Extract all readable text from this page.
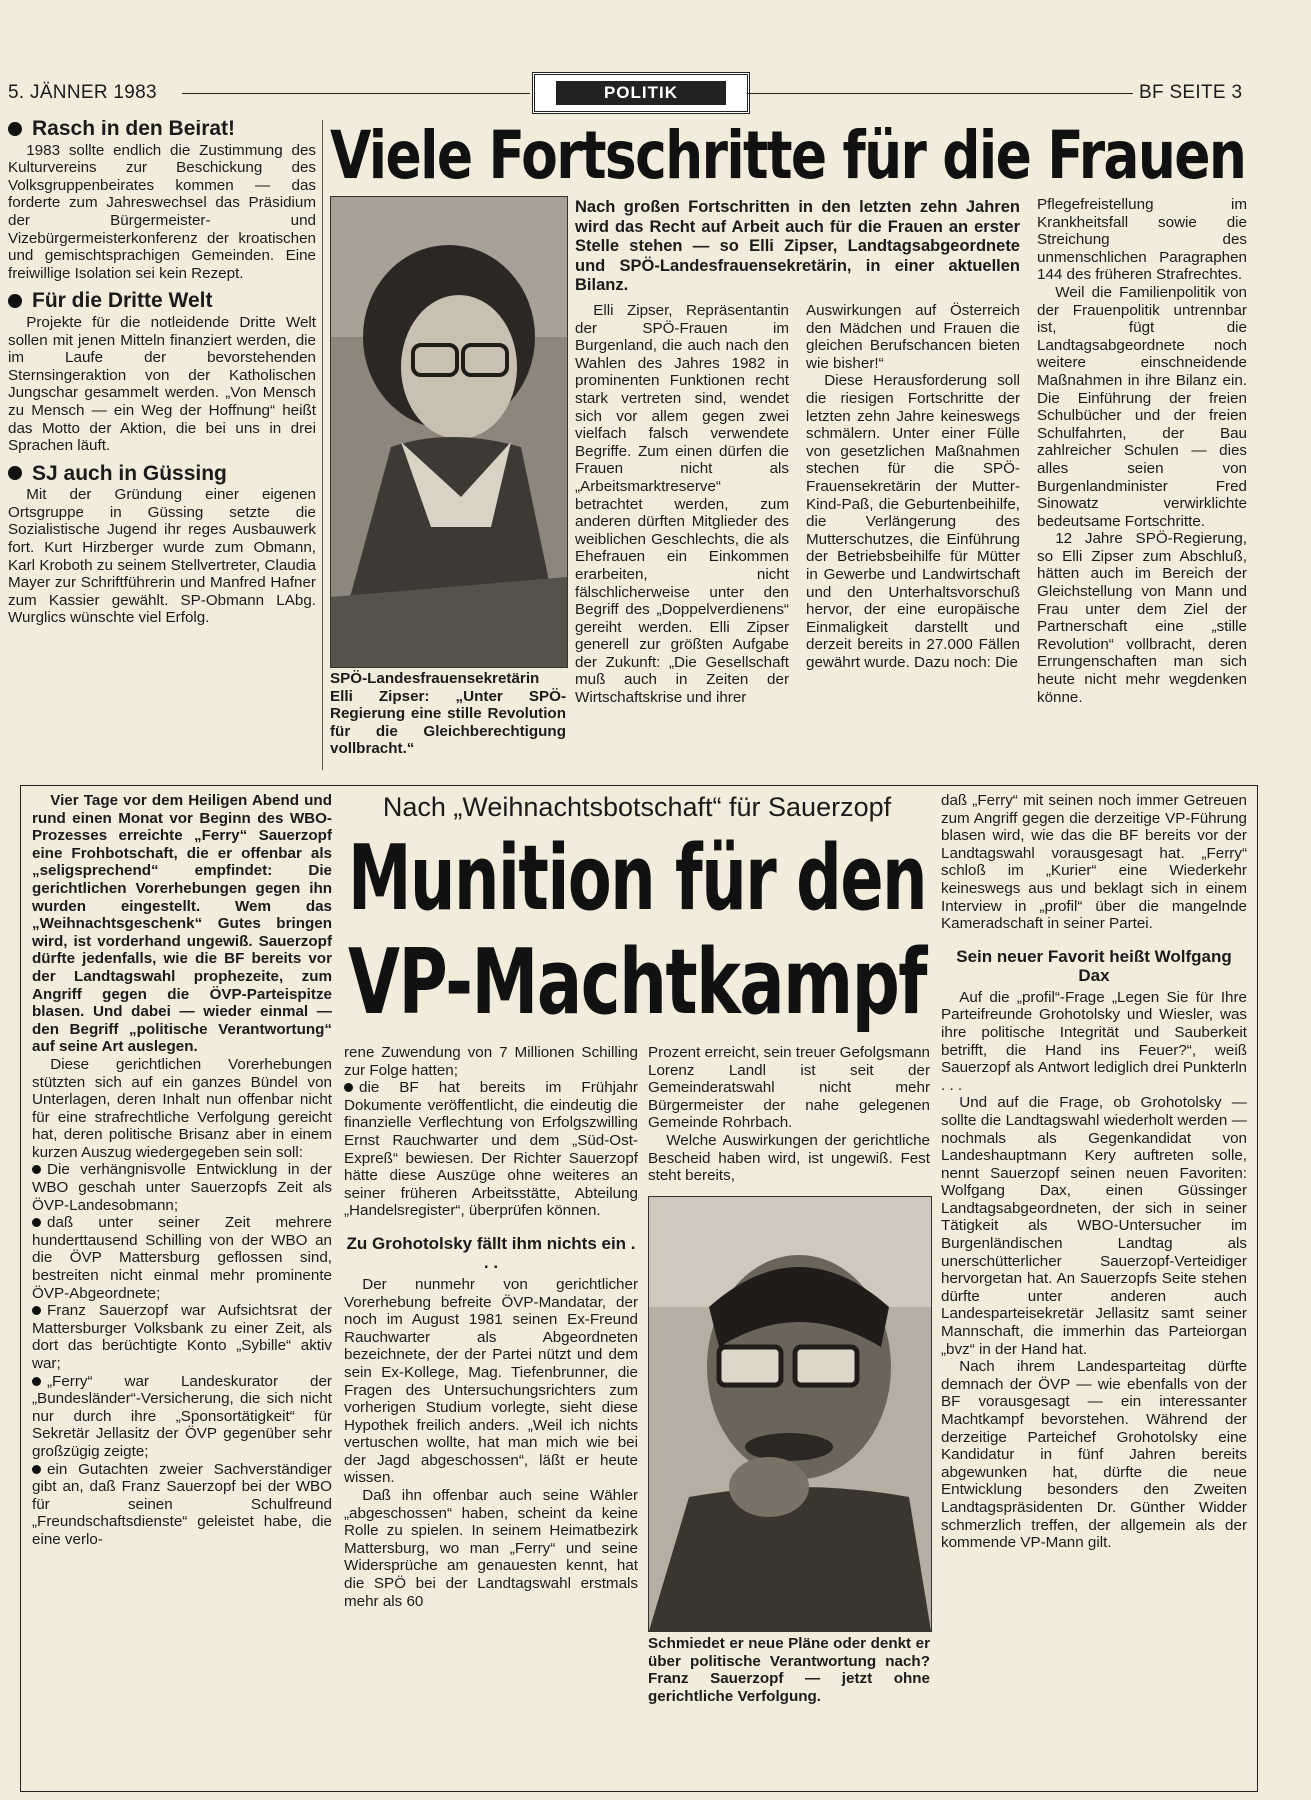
5. JÄNNER 1983	POLITIK	BF SEITE 3
Rasch in den Beirat!

1983 sollte endlich die Zustimmung des Kulturvereins zur Beschickung des Volksgruppenbeirates kommen — das forderte zum Jahreswechsel das Präsidium der Bürgermeister- und Vizebürgermeisterkonferenz der kroatischen und gemischtsprachigen Gemeinden. Eine freiwillige Isolation sei kein Rezept.

Für die Dritte Welt

Projekte für die notleidende Dritte Welt sollen mit jenen Mitteln finanziert werden, die im Laufe der bevorstehenden Sternsingeraktion von der Katholischen Jungschar gesammelt werden. „Von Mensch zu Mensch — ein Weg der Hoffnung“ heißt das Motto der Aktion, die bei uns in drei Sprachen läuft.

SJ auch in Güssing

Mit der Gründung einer eigenen Ortsgruppe in Güssing setzte die Sozialistische Jugend ihr reges Ausbauwerk fort. Kurt Hirzberger wurde zum Obmann, Karl Kroboth zu seinem Stellvertreter, Claudia Mayer zur Schriftführerin und Manfred Hafner zum Kassier gewählt. SP-Obmann LAbg. Wurglics wünschte viel Erfolg.

Viele Fortschritte für die Frauen
SPÖ-Landesfrauensekretärin Elli Zipser: „Unter SPÖ-Regierung eine stille Revolution für die Gleichberechtigung vollbracht.“
Nach großen Fortschritten in den letzten zehn Jahren wird das Recht auf Arbeit auch für die Frauen an erster Stelle stehen — so Elli Zipser, Landtagsabgeordnete und SPÖ-Landesfrauensekretärin, in einer aktuellen Bilanz.

Elli Zipser, Repräsentantin der SPÖ-Frauen im Burgenland, die auch nach den Wahlen des Jahres 1982 in prominenten Funktionen recht stark vertreten sind, wendet sich vor allem gegen zwei vielfach falsch verwendete Begriffe. Zum einen dürfen die Frauen nicht als „Arbeitsmarktreserve“ betrachtet werden, zum anderen dürften Mitglieder des weiblichen Geschlechts, die als Ehefrauen ein Einkommen erarbeiten, nicht fälschlicherweise unter den Begriff des „Doppelverdienens“ gereiht werden. Elli Zipser generell zur größten Aufgabe der Zukunft: „Die Gesellschaft muß auch in Zeiten der Wirtschaftskrise und ihrer

Auswirkungen auf Österreich den Mädchen und Frauen die gleichen Berufschancen bieten wie bisher!“

Diese Herausforderung soll die riesigen Fortschritte der letzten zehn Jahre keineswegs schmälern. Unter einer Fülle von gesetzlichen Maßnahmen stechen für die SPÖ-Frauensekretärin der Mutter-Kind-Paß, die Geburtenbeihilfe, die Verlängerung des Mutterschutzes, die Einführung der Betriebsbeihilfe für Mütter in Gewerbe und Landwirtschaft und den Unterhaltsvorschuß hervor, der eine europäische Einmaligkeit darstellt und derzeit bereits in 27.000 Fällen gewährt wurde. Dazu noch: Die

Pflegefreistellung im Krankheitsfall sowie die Streichung des unmenschlichen Paragraphen 144 des früheren Strafrechtes.

Weil die Familienpolitik von der Frauenpolitik untrennbar ist, fügt die Landtagsabgeordnete noch weitere einschneidende Maßnahmen in ihre Bilanz ein. Die Einführung der freien Schulbücher und der freien Schulfahrten, der Bau zahlreicher Schulen — dies alles seien von Burgenlandminister Fred Sinowatz verwirklichte bedeutsame Fortschritte.

12 Jahre SPÖ-Regierung, so Elli Zipser zum Abschluß, hätten auch im Bereich der Gleichstellung von Mann und Frau unter dem Ziel der Partnerschaft eine „stille Revolution“ vollbracht, deren Errungenschaften man sich heute nicht mehr wegdenken könne.

Nach „Weihnachtsbotschaft“ für Sauerzopf
Munition für den
VP-Machtkampf

Vier Tage vor dem Heiligen Abend und rund einen Monat vor Beginn des WBO-Prozesses erreichte „Ferry“ Sauerzopf eine Frohbotschaft, die er offenbar als „seligsprechend“ empfindet: Die gerichtlichen Vorerhebungen gegen ihn wurden eingestellt. Wem das „Weihnachtsgeschenk“ Gutes bringen wird, ist vorderhand ungewiß. Sauerzopf dürfte jedenfalls, wie die BF bereits vor der Landtagswahl prophezeite, zum Angriff gegen die ÖVP-Parteispitze blasen. Und dabei — wieder einmal — den Begriff „politische Verantwortung“ auf seine Art auslegen.

Diese gerichtlichen Vorerhebungen stützten sich auf ein ganzes Bündel von Unterlagen, deren Inhalt nun offenbar nicht für eine strafrechtliche Verfolgung gereicht hat, deren politische Brisanz aber in einem kurzen Auszug wiedergegeben sein soll:

Die verhängnisvolle Entwicklung in der WBO geschah unter Sauerzopfs Zeit als ÖVP-Landesobmann;

daß unter seiner Zeit mehrere hunderttausend Schilling von der WBO an die ÖVP Mattersburg geflossen sind, bestreiten nicht einmal mehr prominente ÖVP-Abgeordnete;

Franz Sauerzopf war Aufsichtsrat der Mattersburger Volksbank zu einer Zeit, als dort das berüchtigte Konto „Sybille“ aktiv war;

„Ferry“ war Landeskurator der „Bundesländer“-Versicherung, die sich nicht nur durch ihre „Sponsortätigkeit“ für Sekretär Jellasitz der ÖVP gegenüber sehr großzügig zeigte;

ein Gutachten zweier Sachverständiger gibt an, daß Franz Sauerzopf bei der WBO für seinen Schulfreund „Freundschaftsdienste“ geleistet habe, die eine verlo-

rene Zuwendung von 7 Millionen Schilling zur Folge hatten;

die BF hat bereits im Frühjahr Dokumente veröffentlicht, die eindeutig die finanzielle Verflechtung von Erfolgszwilling Ernst Rauchwarter und dem „Süd-Ost-Expreß“ bewiesen. Der Richter Sauerzopf hätte diese Auszüge ohne weiteres an seiner früheren Arbeitsstätte, Abteilung „Handelsregister“, überprüfen können.

Zu Grohotolsky fällt ihm nichts ein . . .

Der nunmehr von gerichtlicher Vorerhebung befreite ÖVP-Mandatar, der noch im August 1981 seinen Ex-Freund Rauchwarter als Abgeordneten bezeichnete, der der Partei nützt und dem sein Ex-Kollege, Mag. Tiefenbrunner, die Fragen des Untersuchungsrichters zum vorherigen Studium vorlegte, sieht diese Hypothek freilich anders. „Weil ich nichts vertuschen wollte, hat man mich wie bei der Jagd abgeschossen“, läßt er heute wissen.

Daß ihn offenbar auch seine Wähler „abgeschossen“ haben, scheint da keine Rolle zu spielen. In seinem Heimatbezirk Mattersburg, wo man „Ferry“ und seine Widersprüche am genauesten kennt, hat die SPÖ bei der Landtagswahl erstmals mehr als 60

Prozent erreicht, sein treuer Gefolgsmann Lorenz Landl ist seit der Gemeinderatswahl nicht mehr Bürgermeister der nahe gelegenen Gemeinde Rohrbach.

Welche Auswirkungen der gerichtliche Bescheid haben wird, ist ungewiß. Fest steht bereits,

Schmiedet er neue Pläne oder denkt er über politische Verantwortung nach? Franz Sauerzopf — jetzt ohne gerichtliche Verfolgung.

daß „Ferry“ mit seinen noch immer Getreuen zum Angriff gegen die derzeitige VP-Führung blasen wird, wie das die BF bereits vor der Landtagswahl vorausgesagt hat. „Ferry“ schloß im „Kurier“ eine Wiederkehr keineswegs aus und beklagt sich in einem Interview in „profil“ über die mangelnde Kameradschaft in seiner Partei.

Sein neuer Favorit heißt Wolfgang Dax

Auf die „profil“-Frage „Legen Sie für Ihre Parteifreunde Grohotolsky und Wiesler, was ihre politische Integrität und Sauberkeit betrifft, die Hand ins Feuer?“, weiß Sauerzopf als Antwort lediglich drei Punkterln . . .

Und auf die Frage, ob Grohotolsky — sollte die Landtagswahl wiederholt werden — nochmals als Gegenkandidat von Landeshauptmann Kery auftreten solle, nennt Sauerzopf seinen neuen Favoriten: Wolfgang Dax, einen Güssinger Landtagsabgeordneten, der sich in seiner Tätigkeit als WBO-Untersucher im Burgenländischen Landtag als unerschütterlicher Sauerzopf-Verteidiger hervorgetan hat. An Sauerzopfs Seite stehen dürfte unter anderen auch Landesparteisekretär Jellasitz samt seiner Mannschaft, die immerhin das Parteiorgan „bvz“ in der Hand hat.

Nach ihrem Landesparteitag dürfte demnach der ÖVP — wie ebenfalls von der BF vorausgesagt — ein interessanter Machtkampf bevorstehen. Während der derzeitige Parteichef Grohotolsky eine Kandidatur in fünf Jahren bereits abgewunken hat, dürfte die neue Entwicklung besonders den Zweiten Landtagspräsidenten Dr. Günther Widder schmerzlich treffen, der allgemein als der kommende VP-Mann gilt.
